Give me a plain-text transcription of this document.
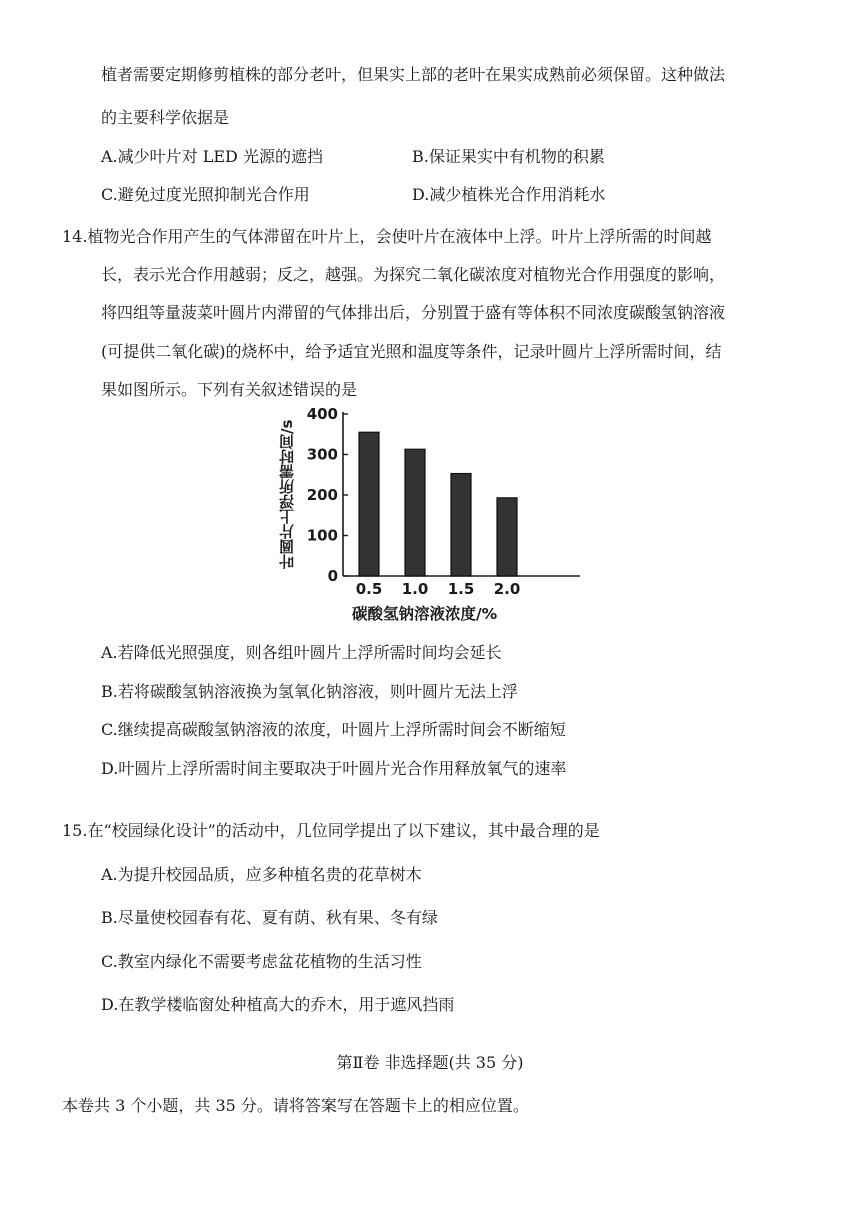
植者需要定期修剪植株的部分老叶，但果实上部的老叶在果实成熟前必须保留。这种做法
的主要科学依据是
A.减少叶片对 LED 光源的遮挡	B.保证果实中有机物的积累
C.避免过度光照抑制光合作用	D.减少植株光合作用消耗水
14.植物光合作用产生的气体滞留在叶片上，会使叶片在液体中上浮。叶片上浮所需的时间越
长，表示光合作用越弱；反之，越强。为探究二氧化碳浓度对植物光合作用强度的影响，
将四组等量菠菜叶圆片内滞留的气体排出后，分别置于盛有等体积不同浓度碳酸氢钠溶液
(可提供二氧化碳)的烧杯中，给予适宜光照和温度等条件，记录叶圆片上浮所需时间，结
果如图所示。下列有关叙述错误的是
叶圆片上浮所需时间/s
0
100
200
300
400
0.5 1.0 1.5 2.0
碳酸氢钠溶液浓度/%
A.若降低光照强度，则各组叶圆片上浮所需时间均会延长
B.若将碳酸氢钠溶液换为氢氧化钠溶液，则叶圆片无法上浮
C.继续提高碳酸氢钠溶液的浓度，叶圆片上浮所需时间会不断缩短
D.叶圆片上浮所需时间主要取决于叶圆片光合作用释放氧气的速率
15.在“校园绿化设计”的活动中，几位同学提出了以下建议，其中最合理的是
A.为提升校园品质，应多种植名贵的花草树木
B.尽量使校园春有花、夏有荫、秋有果、冬有绿
C.教室内绿化不需要考虑盆花植物的生活习性
D.在教学楼临窗处种植高大的乔木，用于遮风挡雨
第Ⅱ卷 非选择题(共 35 分)
本卷共 3 个小题，共 35 分。请将答案写在答题卡上的相应位置。
